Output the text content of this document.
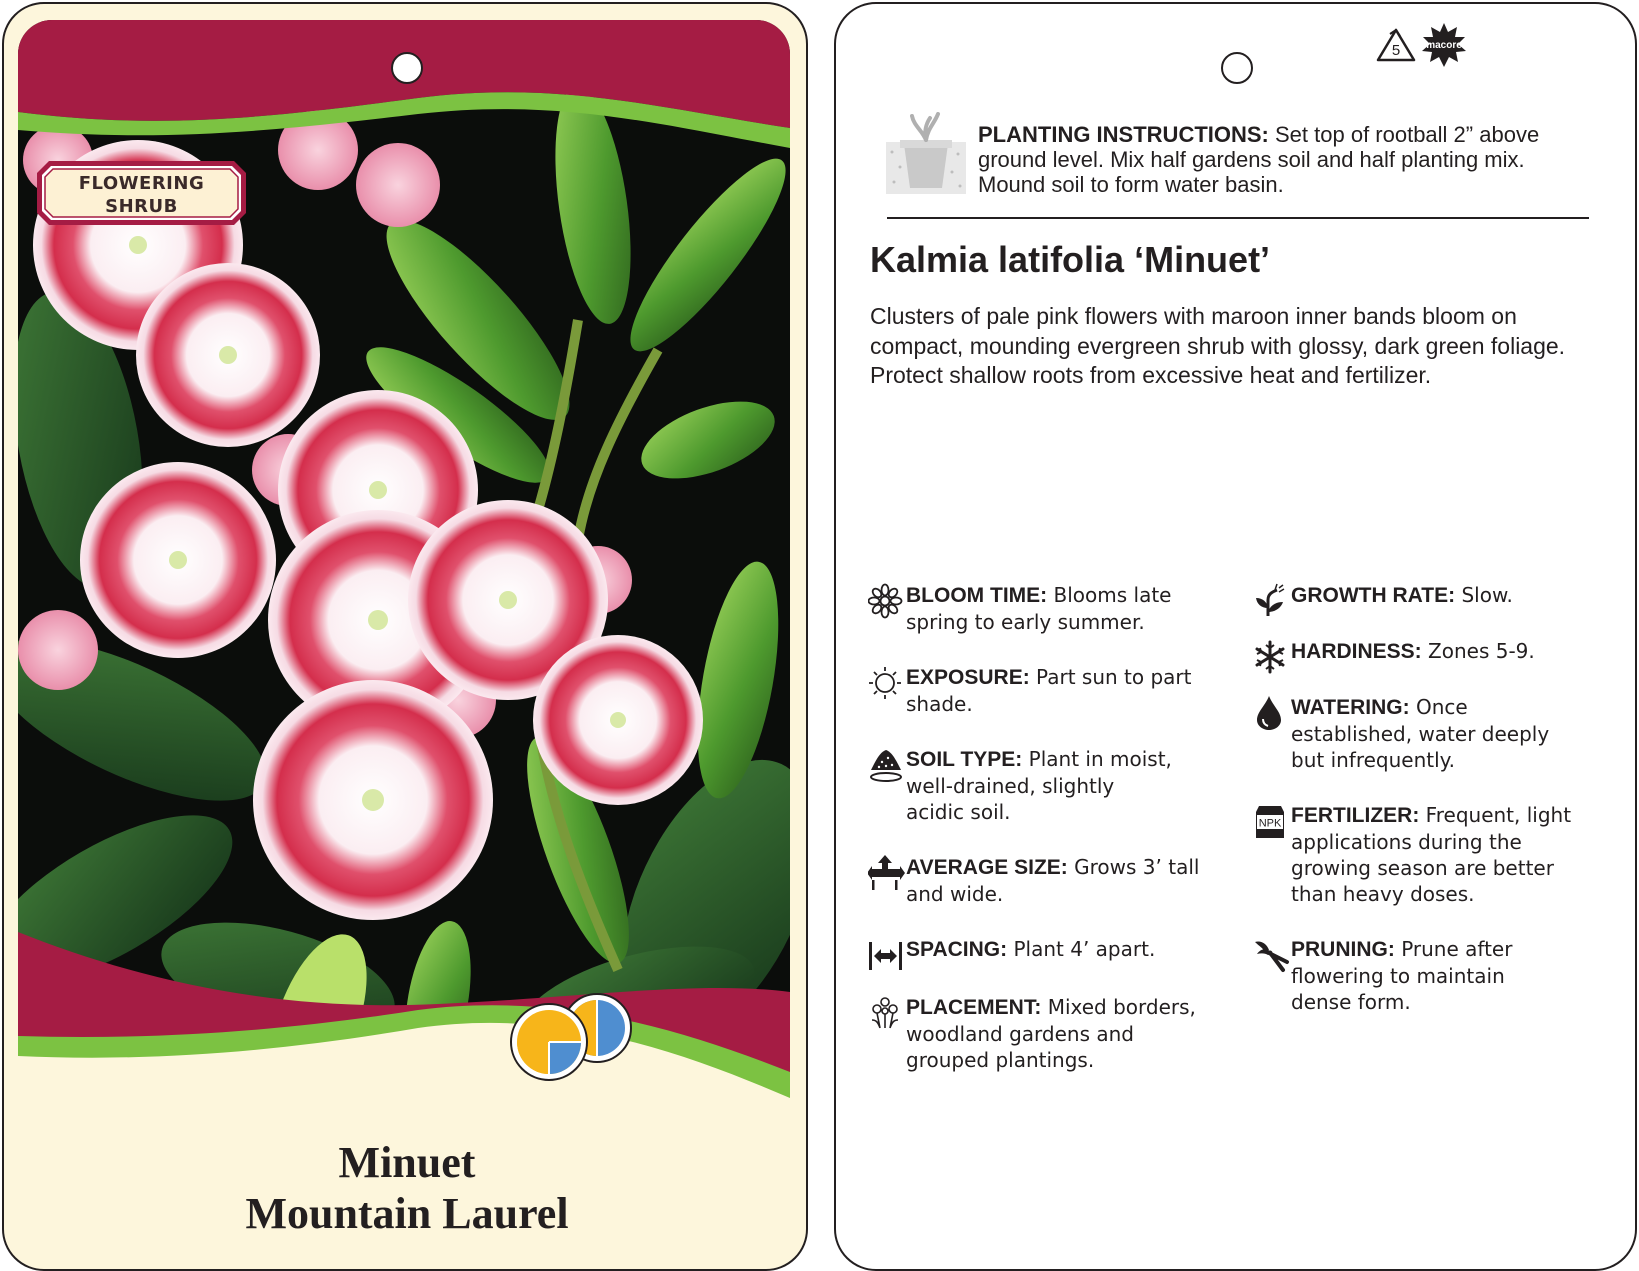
FLOWERING
SHRUB
Minuet
Mountain Laurel
5	macore
PLANTING INSTRUCTIONS: Set top of rootball 2” above ground level. Mix half gardens soil and half planting mix. Mound soil to form water basin.
Kalmia latifolia ‘Minuet’
Clusters of pale pink flowers with maroon inner bands bloom on compact, mounding evergreen shrub with glossy, dark green foliage. Protect shallow roots from excessive heat and fertilizer.
BLOOM TIME: Blooms late
spring to early summer.
EXPOSURE: Part sun to part
shade.
SOIL TYPE: Plant in moist,
well-drained, slightly
acidic soil.
AVERAGE SIZE: Grows 3’ tall
and wide.
SPACING: Plant 4’ apart.
PLACEMENT: Mixed borders,
woodland gardens and
grouped plantings.
GROWTH RATE: Slow.
HARDINESS: Zones 5-9.
WATERING: Once
established, water deeply
but infrequently.
NPK FERTILIZER: Frequent, light
applications during the
growing season are better
than heavy doses.
PRUNING: Prune after
flowering to maintain
dense form.
